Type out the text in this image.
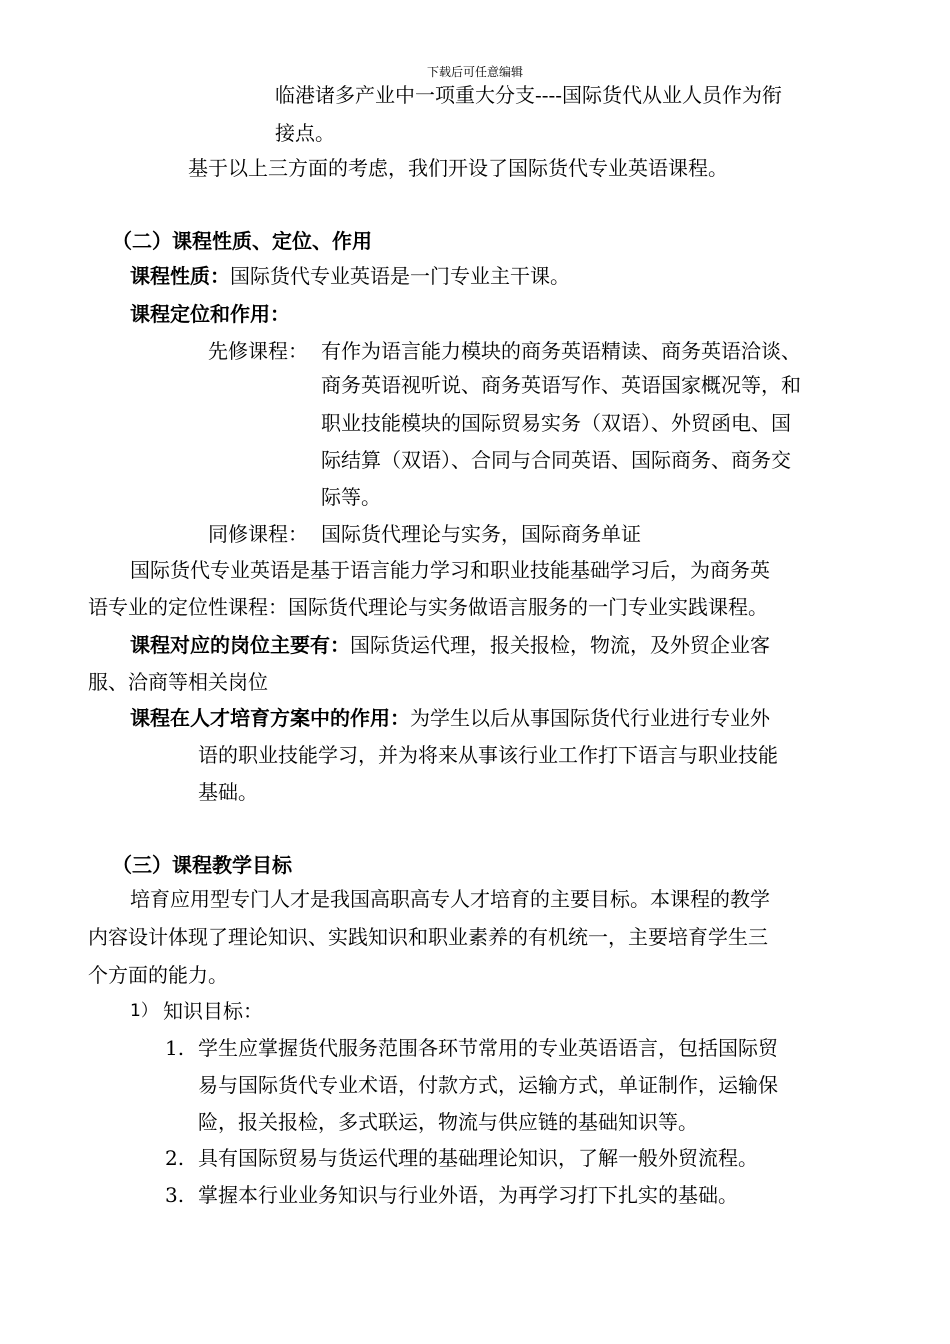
下载后可任意编辑
临港诸多产业中一项重大分支----国际货代从业人员作为衔
接点。
基于以上三方面的考虑，我们开设了国际货代专业英语课程。
（二）课程性质、定位、作用
课程性质：国际货代专业英语是一门专业主干课。
课程定位和作用：
先修课程： 有作为语言能力模块的商务英语精读、商务英语洽谈、
商务英语视听说、商务英语写作、英语国家概况等，和
职业技能模块的国际贸易实务（双语）、外贸函电、国
际结算（双语）、合同与合同英语、国际商务、商务交
际等。
同修课程： 国际货代理论与实务，国际商务单证
国际货代专业英语是基于语言能力学习和职业技能基础学习后，为商务英
语专业的定位性课程：国际货代理论与实务做语言服务的一门专业实践课程。
课程对应的岗位主要有：国际货运代理，报关报检，物流，及外贸企业客
服、洽商等相关岗位
课程在人才培育方案中的作用：为学生以后从事国际货代行业进行专业外
语的职业技能学习，并为将来从事该行业工作打下语言与职业技能
基础。
（三）课程教学目标
培育应用型专门人才是我国高职高专人才培育的主要目标。本课程的教学
内容设计体现了理论知识、实践知识和职业素养的有机统一，主要培育学生三
个方面的能力。
1） 知识目标：
1. 学生应掌握货代服务范围各环节常用的专业英语语言，包括国际贸
易与国际货代专业术语，付款方式，运输方式，单证制作，运输保
险，报关报检，多式联运，物流与供应链的基础知识等。
2. 具有国际贸易与货运代理的基础理论知识，了解一般外贸流程。
3. 掌握本行业业务知识与行业外语，为再学习打下扎实的基础。
